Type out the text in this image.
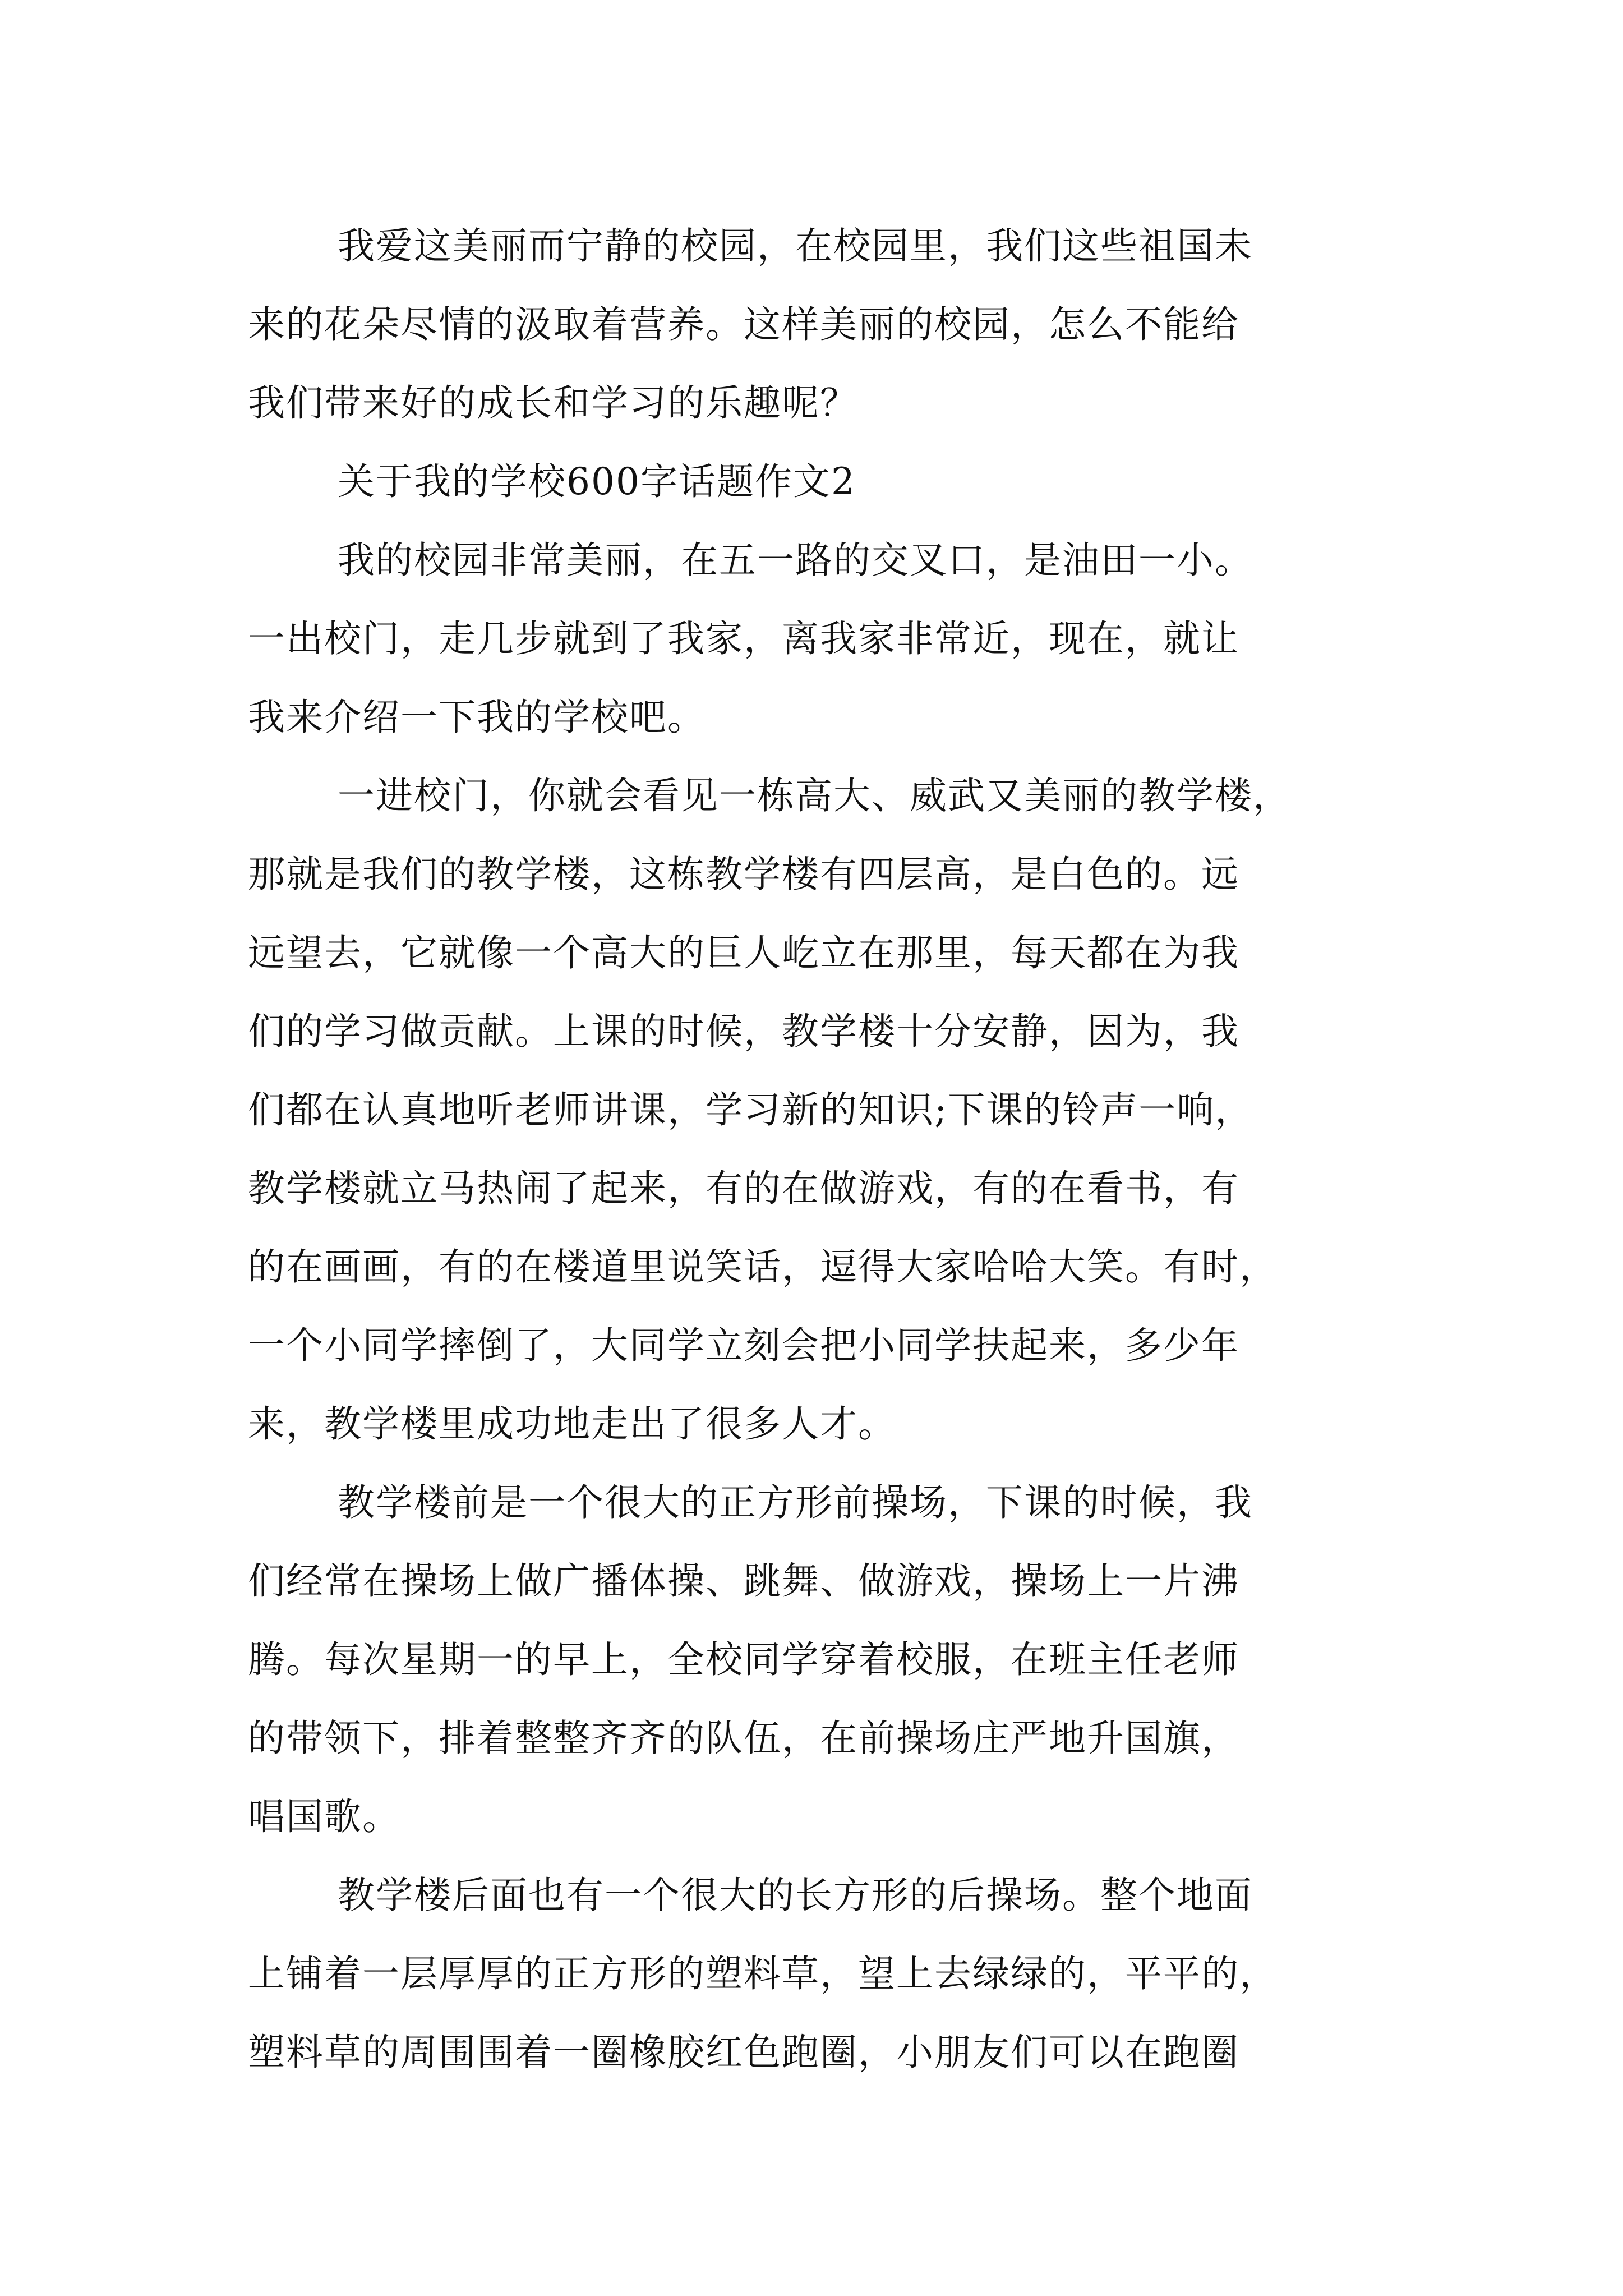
我爱这美丽而宁静的校园，在校园里，我们这些祖国未
来的花朵尽情的汲取着营养。这样美丽的校园，怎么不能给
我们带来好的成长和学习的乐趣呢？
关于我的学校600字话题作文2
我的校园非常美丽，在五一路的交叉口，是油田一小。
一出校门，走几步就到了我家，离我家非常近，现在，就让
我来介绍一下我的学校吧。
一进校门，你就会看见一栋高大、威武又美丽的教学楼，
那就是我们的教学楼，这栋教学楼有四层高，是白色的。远
远望去，它就像一个高大的巨人屹立在那里，每天都在为我
们的学习做贡献。上课的时候，教学楼十分安静，因为，我
们都在认真地听老师讲课，学习新的知识;下课的铃声一响，
教学楼就立马热闹了起来，有的在做游戏，有的在看书，有
的在画画，有的在楼道里说笑话，逗得大家哈哈大笑。有时，
一个小同学摔倒了，大同学立刻会把小同学扶起来，多少年
来，教学楼里成功地走出了很多人才。
教学楼前是一个很大的正方形前操场，下课的时候，我
们经常在操场上做广播体操、跳舞、做游戏，操场上一片沸
腾。每次星期一的早上，全校同学穿着校服，在班主任老师
的带领下，排着整整齐齐的队伍，在前操场庄严地升国旗，
唱国歌。
教学楼后面也有一个很大的长方形的后操场。整个地面
上铺着一层厚厚的正方形的塑料草，望上去绿绿的，平平的，
塑料草的周围围着一圈橡胶红色跑圈，小朋友们可以在跑圈
